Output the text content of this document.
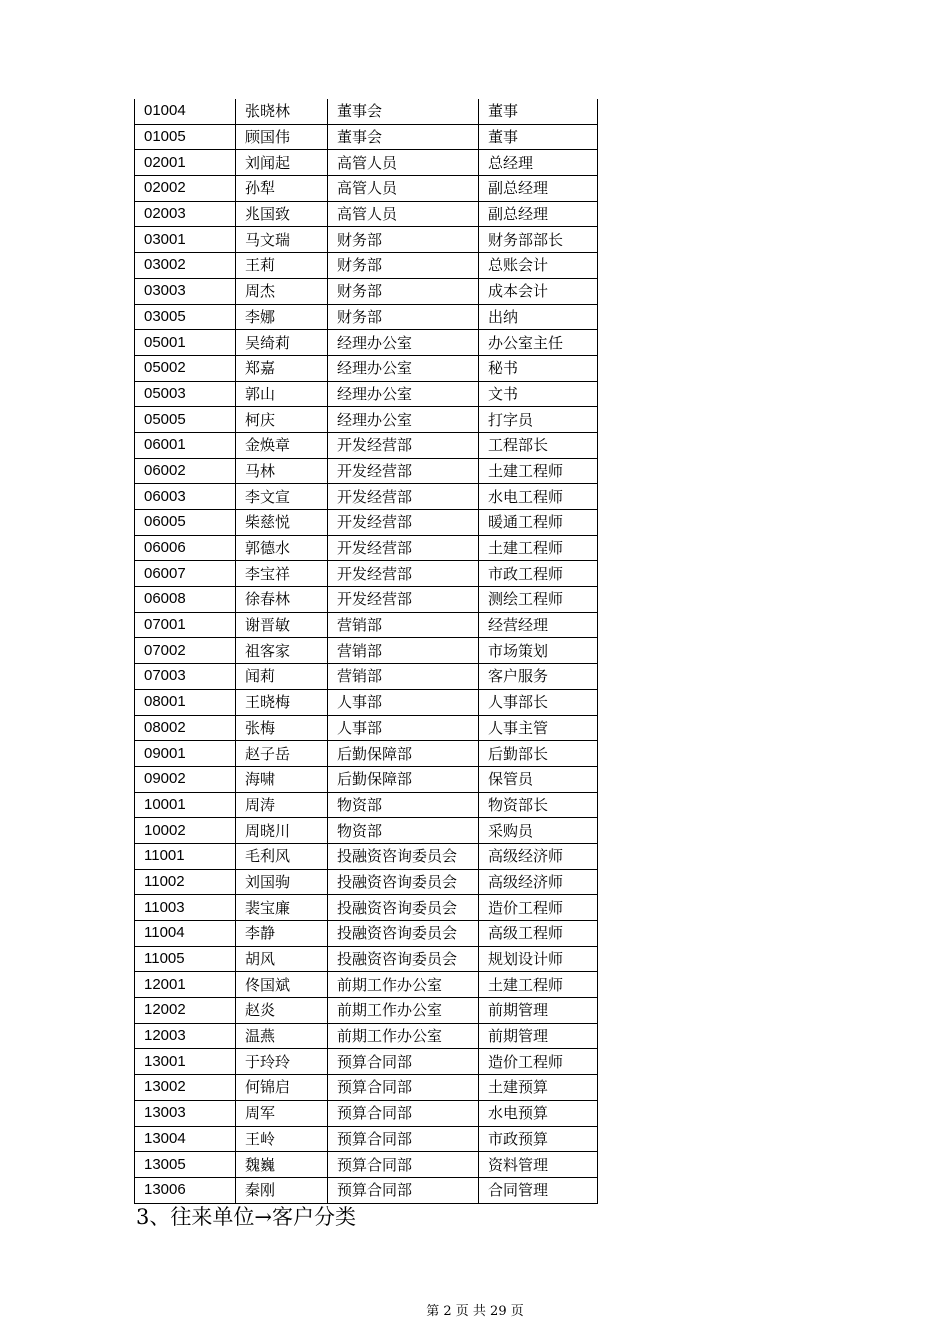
01004	张晓林	董事会	董事
01005	顾国伟	董事会	董事
02001	刘闻起	高管人员	总经理
02002	孙犁	高管人员	副总经理
02003	兆国致	高管人员	副总经理
03001	马文瑞	财务部	财务部部长
03002	王莉	财务部	总账会计
03003	周杰	财务部	成本会计
03005	李娜	财务部	出纳
05001	吴绮莉	经理办公室	办公室主任
05002	郑嘉	经理办公室	秘书
05003	郭山	经理办公室	文书
05005	柯庆	经理办公室	打字员
06001	金焕章	开发经营部	工程部长
06002	马林	开发经营部	土建工程师
06003	李文宣	开发经营部	水电工程师
06005	柴慈悦	开发经营部	暖通工程师
06006	郭德水	开发经营部	土建工程师
06007	李宝祥	开发经营部	市政工程师
06008	徐春林	开发经营部	测绘工程师
07001	谢晋敏	营销部	经营经理
07002	祖客家	营销部	市场策划
07003	闻莉	营销部	客户服务
08001	王晓梅	人事部	人事部长
08002	张梅	人事部	人事主管
09001	赵子岳	后勤保障部	后勤部长
09002	海啸	后勤保障部	保管员
10001	周涛	物资部	物资部长
10002	周晓川	物资部	采购员
11001	毛利风	投融资咨询委员会	高级经济师
11002	刘国驹	投融资咨询委员会	高级经济师
11003	裴宝廉	投融资咨询委员会	造价工程师
11004	李静	投融资咨询委员会	高级工程师
11005	胡风	投融资咨询委员会	规划设计师
12001	佟国斌	前期工作办公室	土建工程师
12002	赵炎	前期工作办公室	前期管理
12003	温燕	前期工作办公室	前期管理
13001	于玲玲	预算合同部	造价工程师
13002	何锦启	预算合同部	土建预算
13003	周军	预算合同部	水电预算
13004	王岭	预算合同部	市政预算
13005	魏巍	预算合同部	资料管理
13006	秦刚	预算合同部	合同管理
3、往来单位→客户分类
第 2 页 共 29 页
